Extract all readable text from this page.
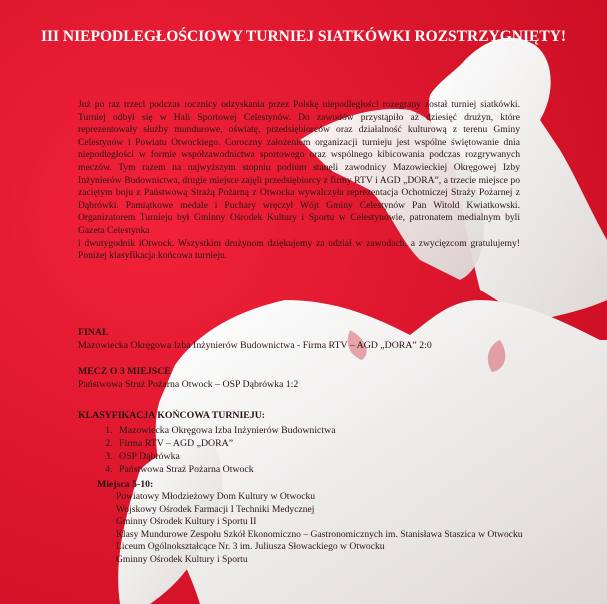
III NIEPODLEGŁOŚCIOWY TURNIEJ SIATKÓWKI ROZSTRZYGNIĘTY!

Już po raz trzeci podczas rocznicy odzyskania przez Polskę niepodległości rozegrany został turniej siatkówki. Turniej odbył się w Hali Sportowej Celestynów. Do zawodów przystąpiło aż dziesięć drużyn, które reprezentowały służby mundurowe, oświatę, przedsiębiorców oraz działalność kulturową z terenu Gminy Celestynów i Powiatu Otwockiego. Coroczny założeniem organizacji turnieju jest wspólne świętowanie dnia niepodległości w formie współzawodnictwa sportowego oraz wspólnego kibicowania podczas rozgrywanych meczów. Tym razem na najwyższym stopniu podium stanęli zawodnicy Mazowieckiej Okręgowej Izby Inżynierów Budownictwa, drugie miejsce zajęli przedsiębiorcy z firmy RTV i AGD „DORA”, a trzecie miejsce po zaciętym boju z Państwową Strażą Pożarną z Otwocka wywalczyła reprezentacja Ochotniczej Straży Pożarnej z Dąbrówki. Pamiątkowe medale i Puchary wręczył Wójt Gminy Celestynów Pan Witold Kwiatkowski. Organizatorem Turnieju był Gminny Ośrodek Kultury i Sportu w Celestynowie, patronatem medialnym byli Gazeta Celestynka
i dwutygodnik iOtwock. Wszystkim drużynom dziękujemy za udział w zawodach, a zwycięzcom gratulujemy! Poniżej klasyfikacja końcowa turnieju.

FINAŁ
Mazowiecka Okręgowa Izba Inżynierów Budownictwa - Firma RTV – AGD „DORA” 2:0

MECZ O 3 MIEJSCE
Państwowa Straż Pożarna Otwock – OSP Dąbrówka 1:2

KLASYFIKACJA KOŃCOWA TURNIEJU:

1. Mazowiecka Okręgowa Izba Inżynierów Budownictwa
2. Firma RTV – AGD „DORA”
3. OSP Dąbrówka
4. Państwowa Straż Pożarna Otwock
Miejsca 5-10:
Powiatowy Młodzieżowy Dom Kultury w Otwocku
Wojskowy Ośrodek Farmacji I Techniki Medycznej
Gminny Ośrodek Kultury i Sportu II
Klasy Mundurowe Zespołu Szkół Ekonomiczno – Gastronomicznych im. Stanisława Staszica w Otwocku
Liceum Ogólnokształcące Nr. 3 im. Juliusza Słowackiego w Otwocku
Gminny Ośrodek Kultury i Sportu
